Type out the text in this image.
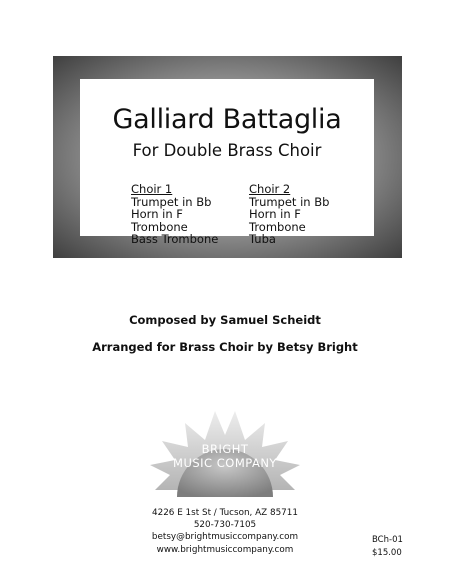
Galliard Battaglia
For Double Brass Choir
Choir 1
Trumpet in Bb
Horn in F
Trombone
Bass Trombone
Choir 2
Trumpet in Bb
Horn in F
Trombone
Tuba
Composed by Samuel Scheidt
Arranged for Brass Choir by Betsy Bright
BRIGHT
MUSIC COMPANY
4226 E 1st St / Tucson, AZ 85711
520-730-7105
betsy@brightmusiccompany.com
www.brightmusiccompany.com
BCh-01
$15.00
